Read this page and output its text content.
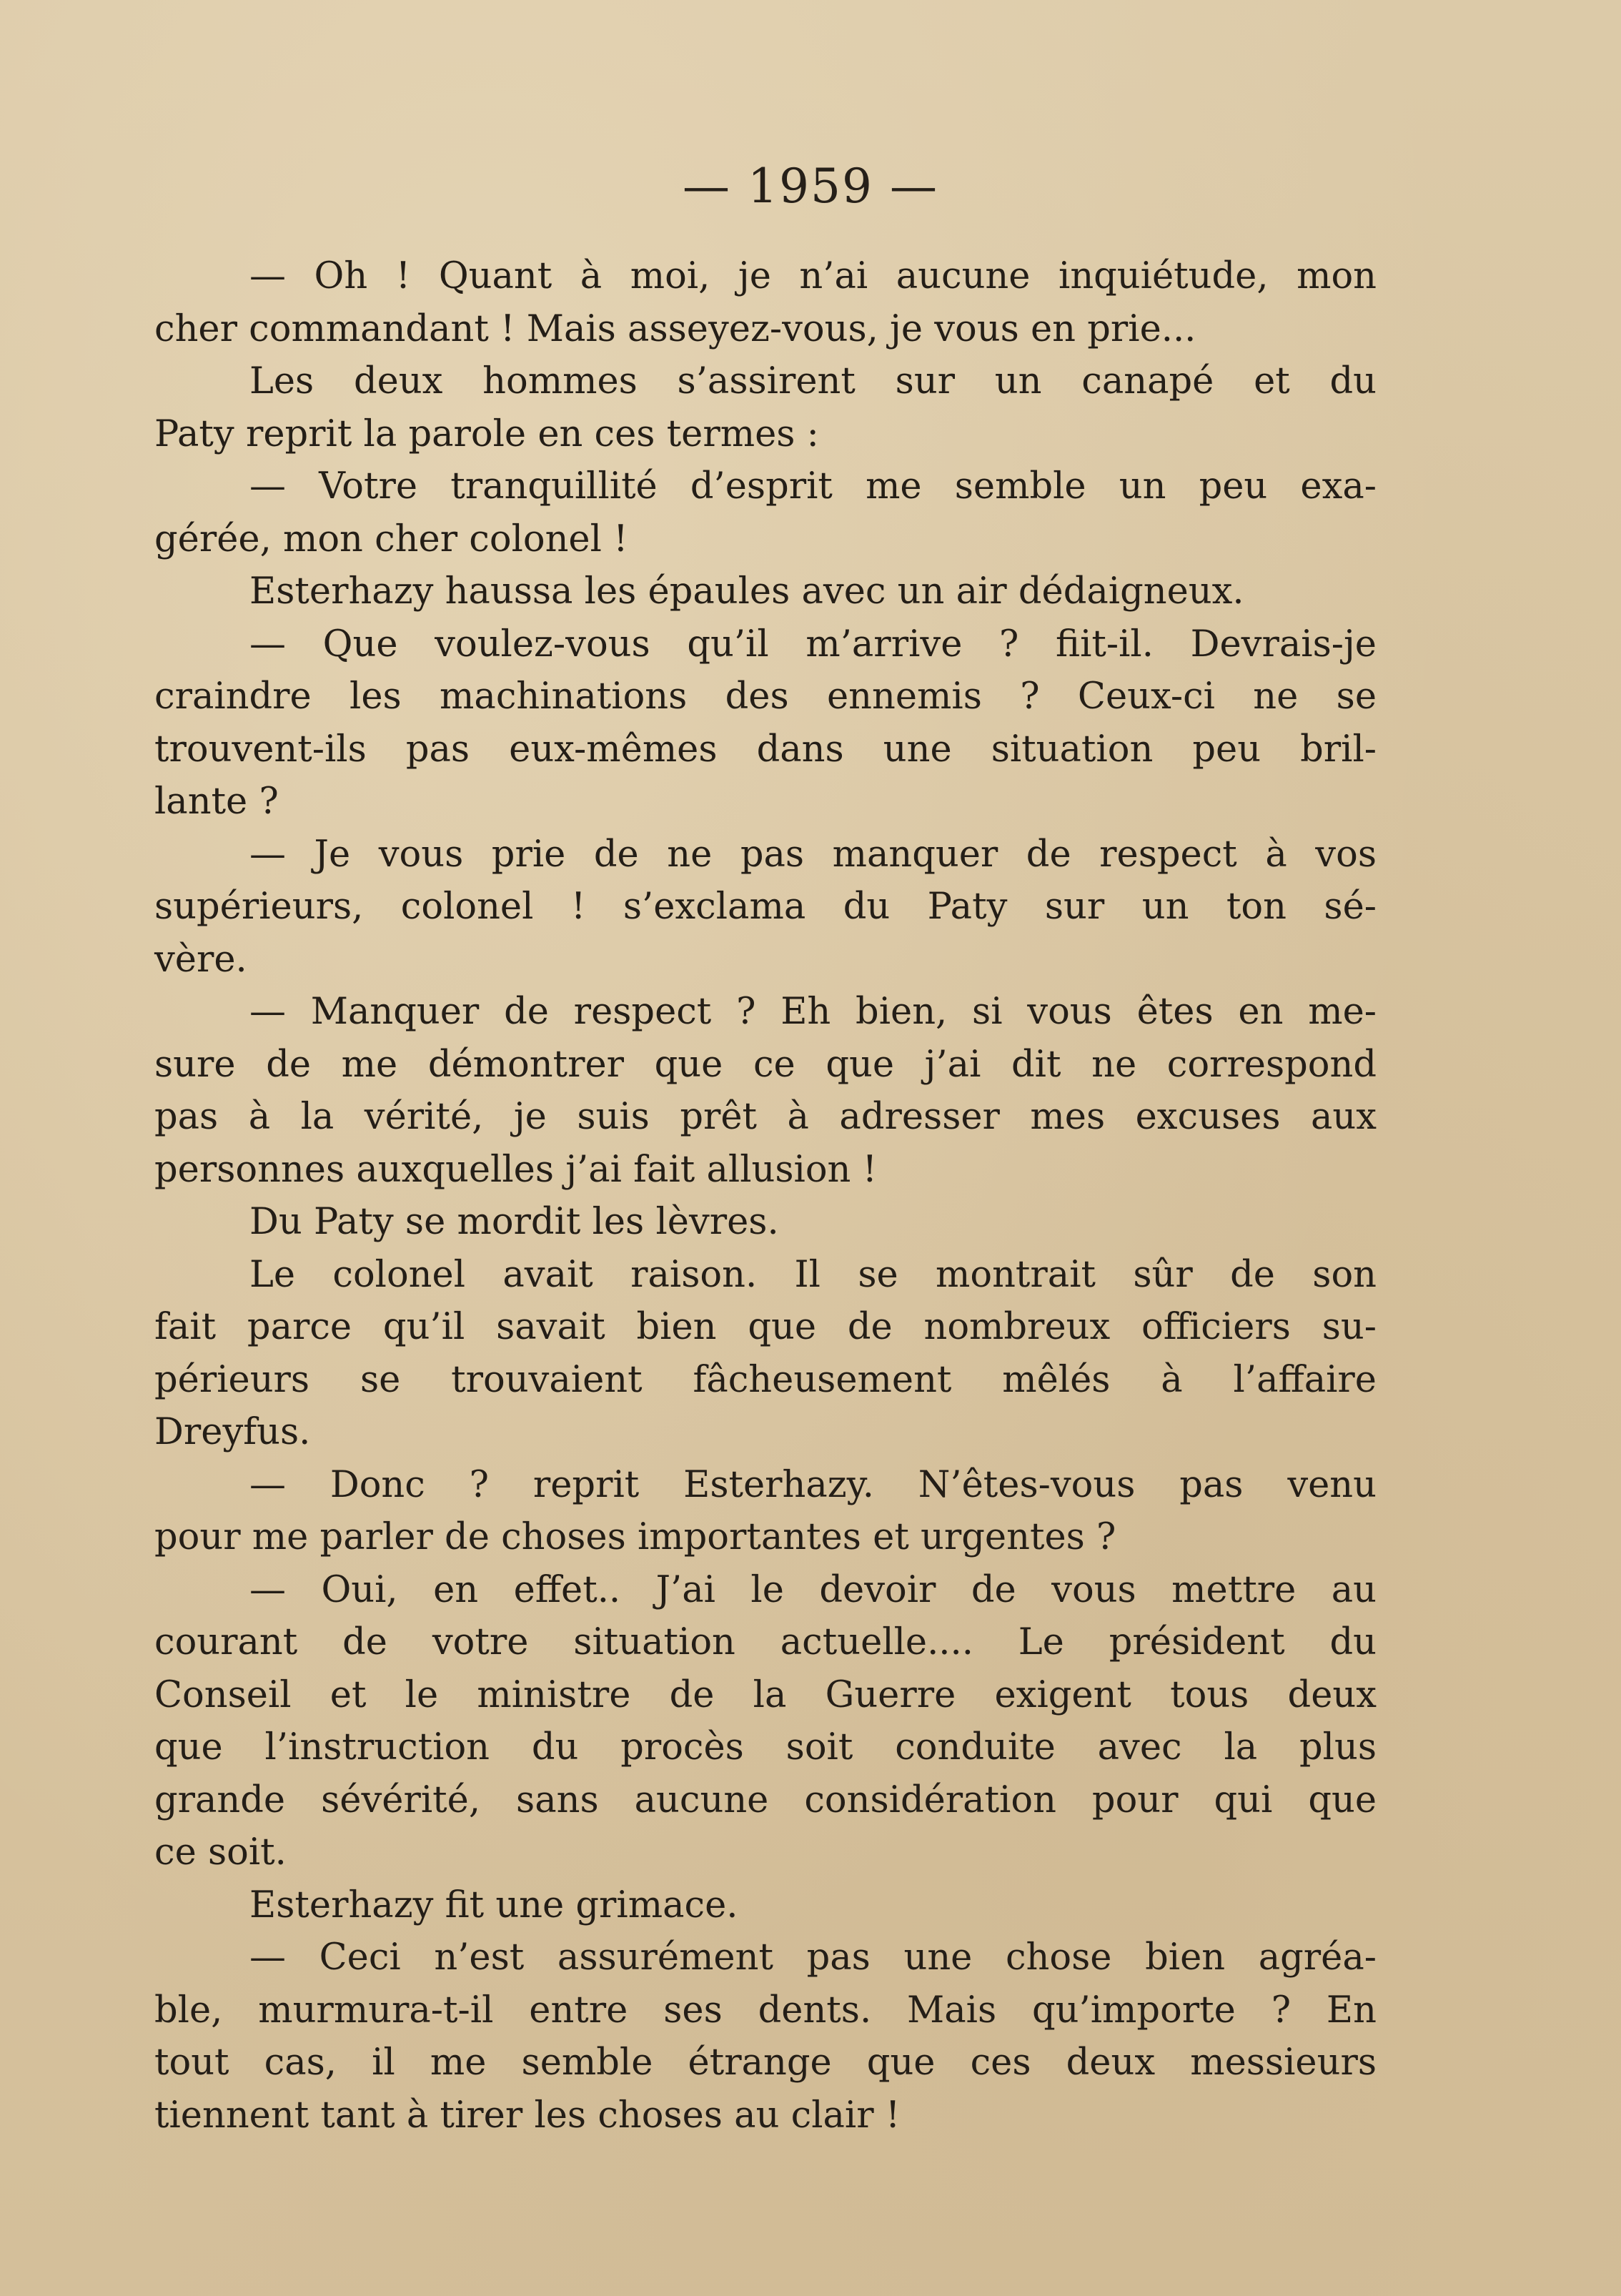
— 1959 —
— Oh ! Quant à moi, je n’ai aucune inquiétude, mon
cher commandant ! Mais asseyez-vous, je vous en prie...
Les deux hommes s’assirent sur un canapé et du
Paty reprit la parole en ces termes :
— Votre tranquillité d’esprit me semble un peu exa-
gérée, mon cher colonel !
Esterhazy haussa les épaules avec un air dédaigneux.
— Que voulez-vous qu’il m’arrive ? fiit-il. Devrais-je
craindre les machinations des ennemis ? Ceux-ci ne se
trouvent-ils pas eux-mêmes dans une situation peu bril-
lante ?
— Je vous prie de ne pas manquer de respect à vos
supérieurs, colonel ! s’exclama du Paty sur un ton sé-
vère.
— Manquer de respect ? Eh bien, si vous êtes en me-
sure de me démontrer que ce que j’ai dit ne correspond
pas à la vérité, je suis prêt à adresser mes excuses aux
personnes auxquelles j’ai fait allusion !
Du Paty se mordit les lèvres.
Le colonel avait raison. Il se montrait sûr de son
fait parce qu’il savait bien que de nombreux officiers su-
périeurs se trouvaient fâcheusement mêlés à l’affaire
Dreyfus.
— Donc ? reprit Esterhazy. N’êtes-vous pas venu
pour me parler de choses importantes et urgentes ?
— Oui, en effet.. J’ai le devoir de vous mettre au
courant de votre situation actuelle.... Le président du
Conseil et le ministre de la Guerre exigent tous deux
que l’instruction du procès soit conduite avec la plus
grande sévérité, sans aucune considération pour qui que
ce soit.
Esterhazy fit une grimace.
— Ceci n’est assurément pas une chose bien agréa-
ble, murmura-t-il entre ses dents. Mais qu’importe ? En
tout cas, il me semble étrange que ces deux messieurs
tiennent tant à tirer les choses au clair !
